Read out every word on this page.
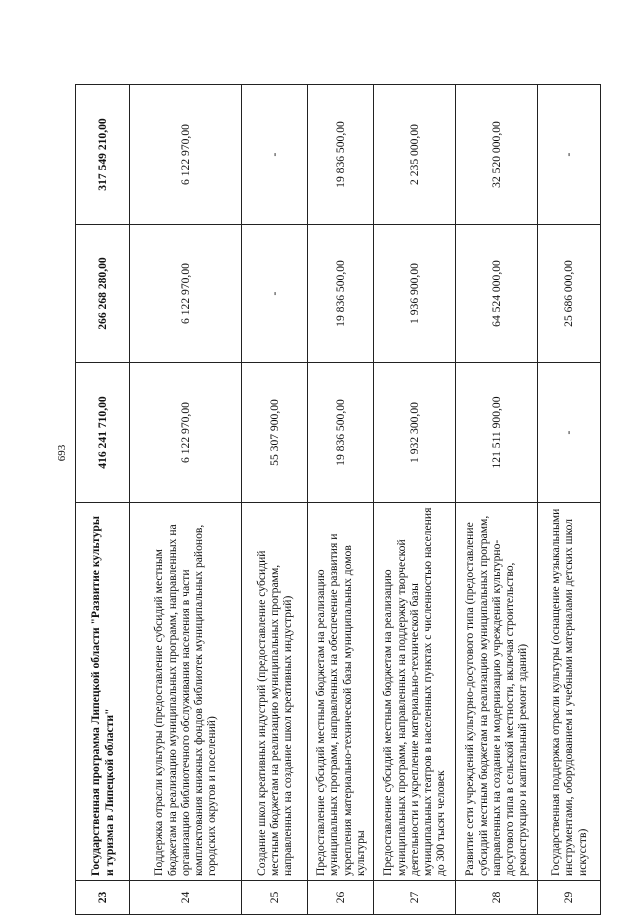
693
23	Государственная программа Липецкой области "Развитие культуры и туризма в Липецкой области"	416 241 710,00	266 268 280,00	317 549 210,00
24	Поддержка отрасли культуры (предоставление субсидий местным бюджетам на реализацию муниципальных программ, направленных на организацию библиотечного обслуживания населения в части комплектования книжных фондов библиотек муниципальных районов, городских округов и поселений)	6 122 970,00	6 122 970,00	6 122 970,00
25	Создание школ креативных индустрий (предоставление субсидий местным бюджетам на реализацию муниципальных программ, направленных на создание школ креативных индустрий)	55 307 900,00	-	-
26	Предоставление субсидий местным бюджетам на реализацию муниципальных программ, направленных на обеспечение развития и укрепления материально-технической базы муниципальных домов культуры	19 836 500,00	19 836 500,00	19 836 500,00
27	Предоставление субсидий местным бюджетам на реализацию муниципальных программ, направленных на поддержку творческой деятельности и укрепление материально-технической базы муниципальных театров в населенных пунктах с численностью населения до 300 тысяч человек	1 932 300,00	1 936 900,00	2 235 000,00
28	Развитие сети учреждений культурно-досугового типа (предоставление субсидий местным бюджетам на реализацию муниципальных программ, направленных на создание и модернизацию учреждений культурно-досугового типа в сельской местности, включая строительство, реконструкцию и капитальный ремонт зданий)	121 511 900,00	64 524 000,00	32 520 000,00
29	Государственная поддержка отрасли культуры (оснащение музыкальными инструментами, оборудованием и учебными материалами детских школ искусств)	-	25 686 000,00	-
